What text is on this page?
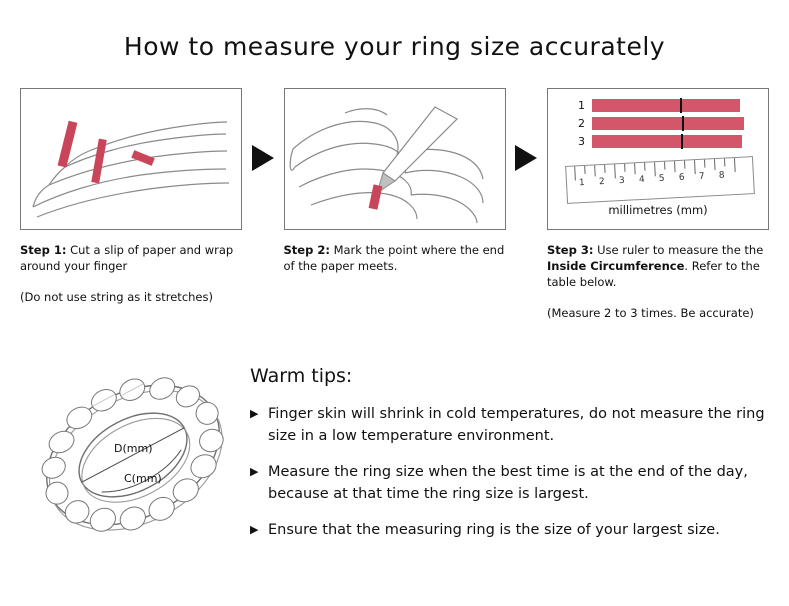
How to measure your ring size accurately
Step 1: Cut a slip of paper and wrap around your finger
(Do not use string as it stretches)
Step 2: Mark the point where the end of the paper meets.
1
2
3
1 2 3 4 5 6 7 8
millimetres (mm)
Step 3: Use ruler to measure the the Inside Circumference. Refer to the table below.
(Measure 2 to 3 times. Be accurate)
D(mm)
C(mm)
Warm tips:
▶ Finger skin will shrink in cold temperatures, do not measure the ring size in a low temperature environment.
▶ Measure the ring size when the best time is at the end of the day, because at that time the ring size is largest.
▶ Ensure that the measuring ring is the size of your largest size.
